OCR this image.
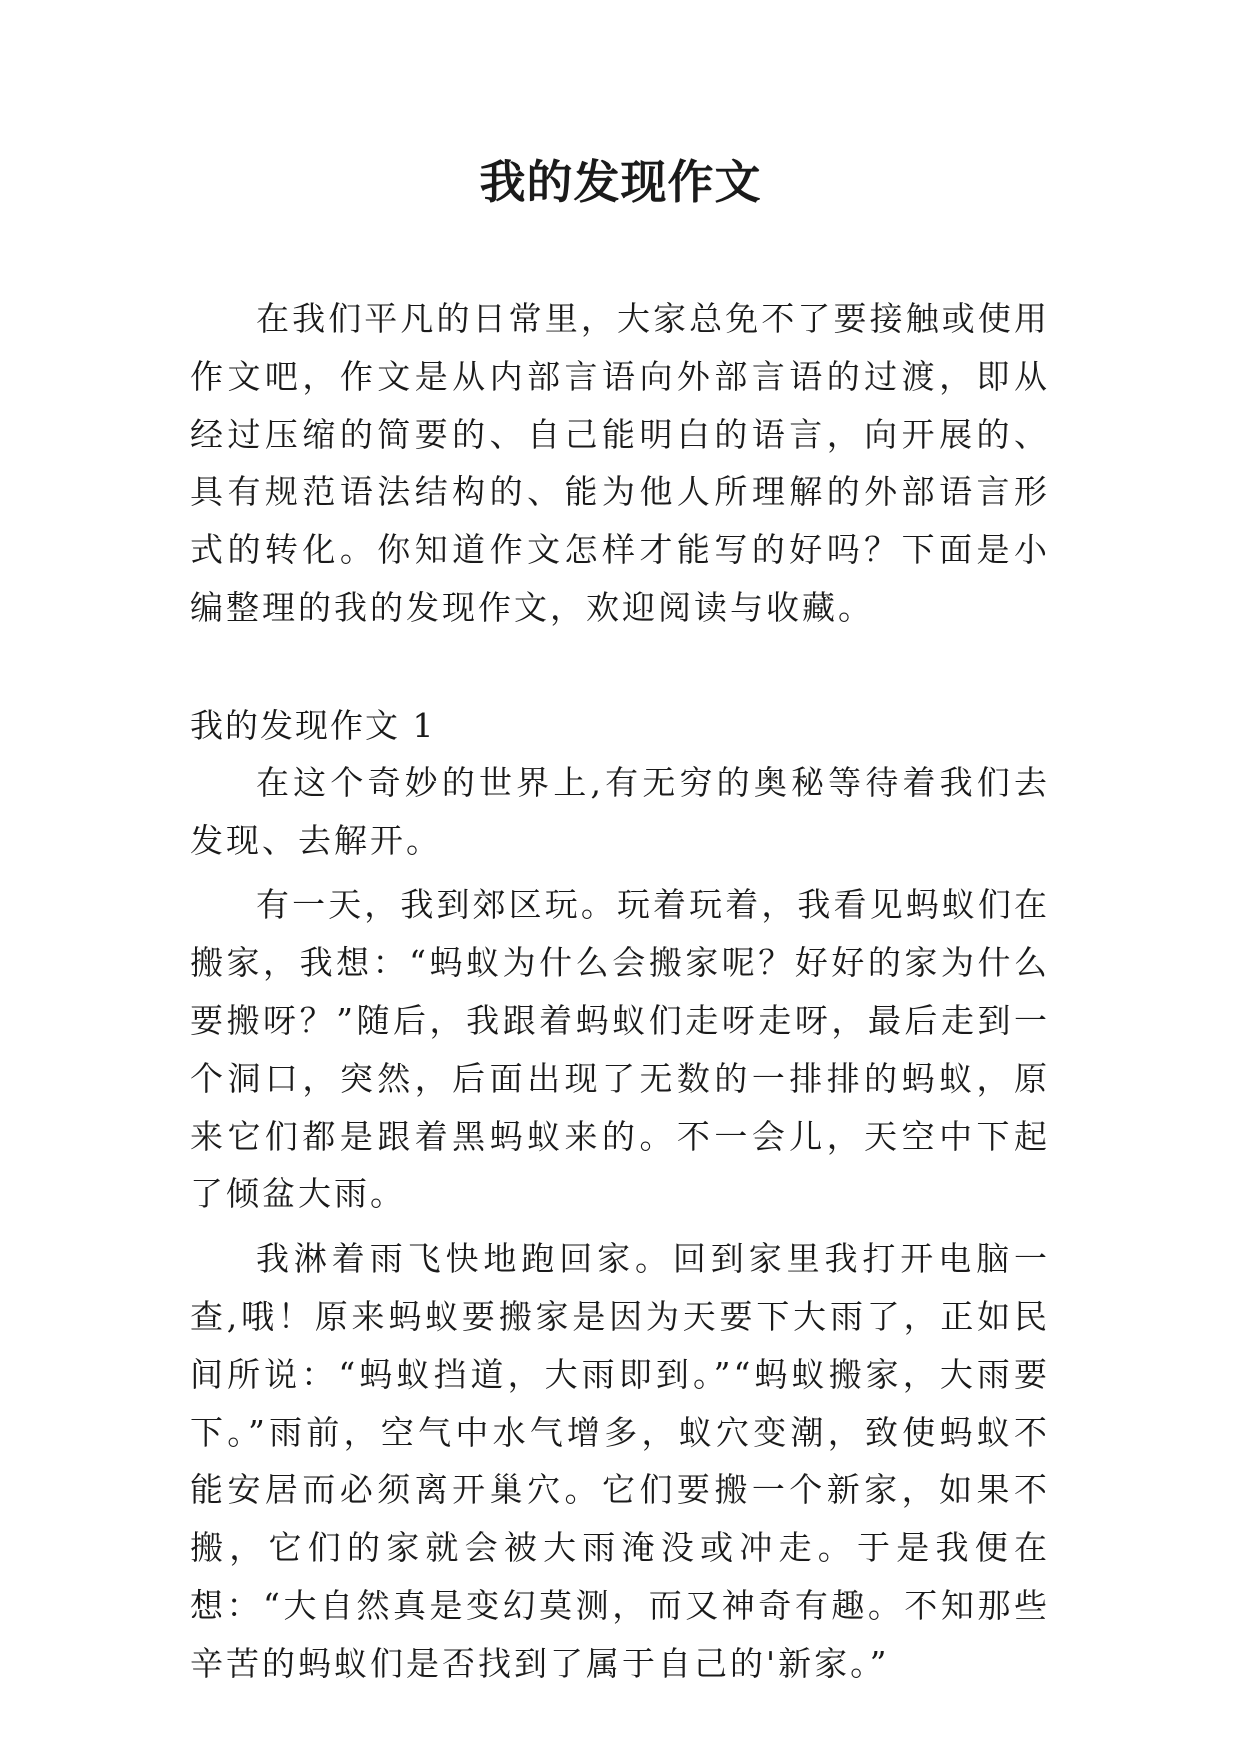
我的发现作文

在我们平凡的日常里，大家总免不了要接触或使用作文吧，作文是从内部言语向外部言语的过渡，即从经过压缩的简要的、自己能明白的语言，向开展的、具有规范语法结构的、能为他人所理解的外部语言形式的转化。你知道作文怎样才能写的好吗？下面是小编整理的我的发现作文，欢迎阅读与收藏。

我的发现作文 1

在这个奇妙的世界上,有无穷的奥秘等待着我们去发现、去解开。

有一天，我到郊区玩。玩着玩着，我看见蚂蚁们在搬家，我想：“蚂蚁为什么会搬家呢？好好的家为什么要搬呀？”随后，我跟着蚂蚁们走呀走呀，最后走到一个洞口，突然，后面出现了无数的一排排的蚂蚁，原来它们都是跟着黑蚂蚁来的。不一会儿，天空中下起了倾盆大雨。

我淋着雨飞快地跑回家。回到家里我打开电脑一查,哦！原来蚂蚁要搬家是因为天要下大雨了，正如民间所说：“蚂蚁挡道，大雨即到。”“蚂蚁搬家，大雨要下。”雨前，空气中水气增多，蚁穴变潮，致使蚂蚁不能安居而必须离开巢穴。它们要搬一个新家，如果不搬，它们的家就会被大雨淹没或冲走。于是我便在想：“大自然真是变幻莫测，而又神奇有趣。不知那些辛苦的蚂蚁们是否找到了属于自己的'新家。”
